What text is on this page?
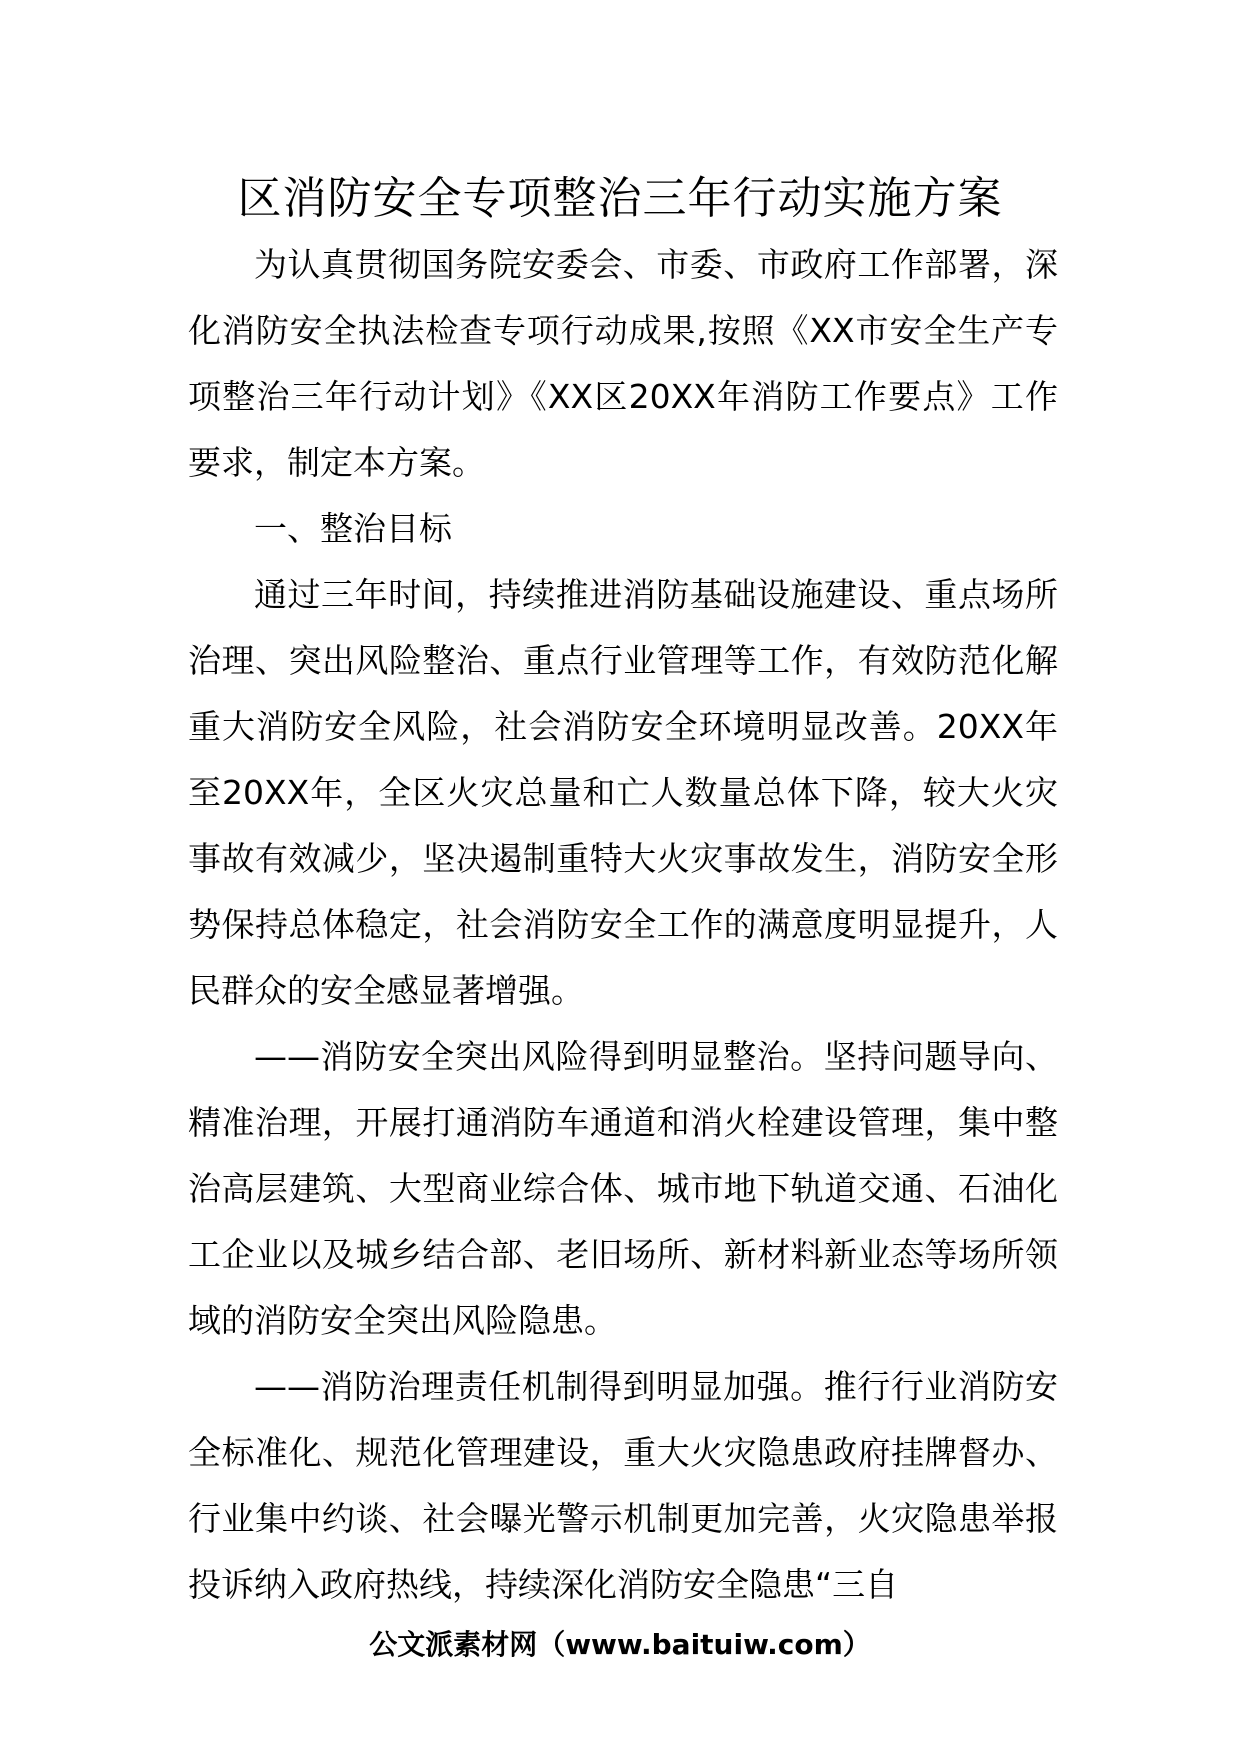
区消防安全专项整治三年行动实施方案

为认真贯彻国务院安委会、市委、市政府工作部署，深化消防安全执法检查专项行动成果,按照《XX市安全生产专项整治三年行动计划》《XX区20XX年消防工作要点》工作要求，制定本方案。

一、整治目标

通过三年时间，持续推进消防基础设施建设、重点场所治理、突出风险整治、重点行业管理等工作，有效防范化解重大消防安全风险，社会消防安全环境明显改善。20XX年至20XX年，全区火灾总量和亡人数量总体下降，较大火灾事故有效减少，坚决遏制重特大火灾事故发生，消防安全形势保持总体稳定，社会消防安全工作的满意度明显提升，人民群众的安全感显著增强。

——消防安全突出风险得到明显整治。坚持问题导向、精准治理，开展打通消防车通道和消火栓建设管理，集中整治高层建筑、大型商业综合体、城市地下轨道交通、石油化工企业以及城乡结合部、老旧场所、新材料新业态等场所领域的消防安全突出风险隐患。

——消防治理责任机制得到明显加强。推行行业消防安全标准化、规范化管理建设，重大火灾隐患政府挂牌督办、行业集中约谈、社会曝光警示机制更加完善，火灾隐患举报投诉纳入政府热线，持续深化消防安全隐患“三自

公文派素材网（www.baituiw.com）
